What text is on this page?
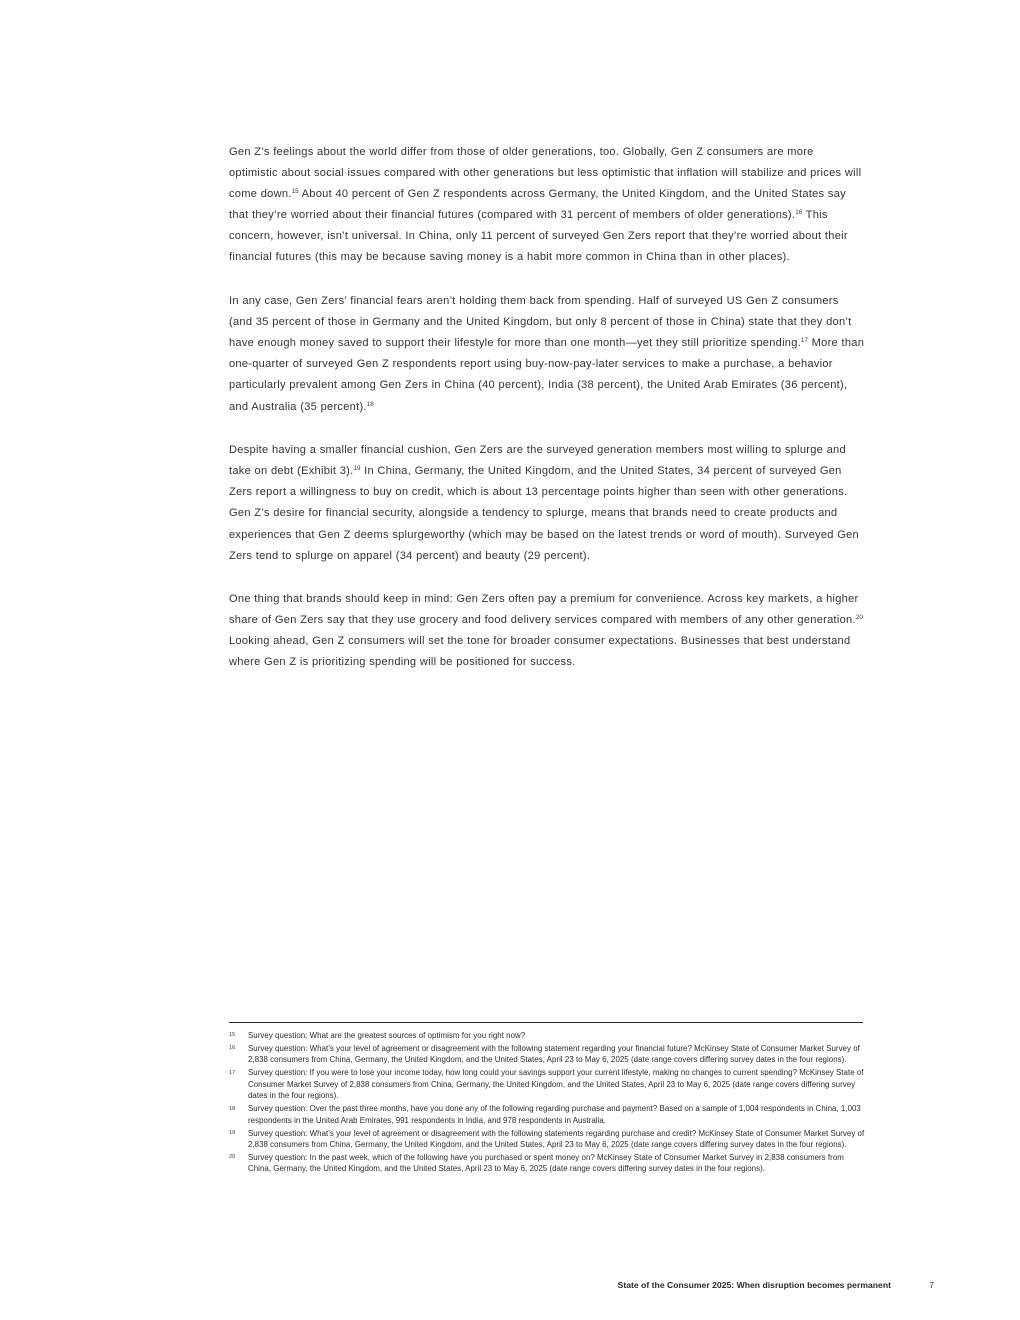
Gen Z’s feelings about the world differ from those of older generations, too. Globally, Gen Z consumers are more optimistic about social issues compared with other generations but less optimistic that inflation will stabilize and prices will come down.$^{15}$ About 40 percent of Gen Z respondents across Germany, the United Kingdom, and the United States say that they’re worried about their financial futures (compared with 31 percent of members of older generations).$^{16}$ This concern, however, isn’t universal. In China, only 11 percent of surveyed Gen Zers report that they’re worried about their financial futures (this may be because saving money is a habit more common in China than in other places).

In any case, Gen Zers’ financial fears aren’t holding them back from spending. Half of surveyed US Gen Z consumers (and 35 percent of those in Germany and the United Kingdom, but only 8 percent of those in China) state that they don’t have enough money saved to support their lifestyle for more than one month—yet they still prioritize spending.$^{17}$ More than one-quarter of surveyed Gen Z respondents report using buy-now-pay-later services to make a purchase, a behavior particularly prevalent among Gen Zers in China (40 percent), India (38 percent), the United Arab Emirates (36 percent), and Australia (35 percent).$^{18}$

Despite having a smaller financial cushion, Gen Zers are the surveyed generation members most willing to splurge and take on debt (Exhibit 3).$^{19}$ In China, Germany, the United Kingdom, and the United States, 34 percent of surveyed Gen Zers report a willingness to buy on credit, which is about 13 percentage points higher than seen with other generations. Gen Z’s desire for financial security, alongside a tendency to splurge, means that brands need to create products and experiences that Gen Z deems splurgeworthy (which may be based on the latest trends or word of mouth). Surveyed Gen Zers tend to splurge on apparel (34 percent) and beauty (29 percent).

One thing that brands should keep in mind: Gen Zers often pay a premium for convenience. Across key markets, a higher share of Gen Zers say that they use grocery and food delivery services compared with members of any other generation.$^{20}$ Looking ahead, Gen Z consumers will set the tone for broader consumer expectations. Businesses that best understand where Gen Z is prioritizing spending will be positioned for success.

15	Survey question: What are the greatest sources of optimism for you right now?
16	Survey question: What’s your level of agreement or disagreement with the following statement regarding your financial future? McKinsey State of Consumer Market Survey of 2,838 consumers from China, Germany, the United Kingdom, and the United States, April 23 to May 6, 2025 (date range covers differing survey dates in the four regions).
17	Survey question: If you were to lose your income today, how long could your savings support your current lifestyle, making no changes to current spending? McKinsey State of Consumer Market Survey of 2,838 consumers from China, Germany, the United Kingdom, and the United States, April 23 to May 6, 2025 (date range covers differing survey dates in the four regions).
18	Survey question: Over the past three months, have you done any of the following regarding purchase and payment? Based on a sample of 1,004 respondents in China, 1,003 respondents in the United Arab Emirates, 991 respondents in India, and 978 respondents in Australia.
19	Survey question: What’s your level of agreement or disagreement with the following statements regarding purchase and credit? McKinsey State of Consumer Market Survey of 2,838 consumers from China, Germany, the United Kingdom, and the United States, April 23 to May 6, 2025 (date range covers differing survey dates in the four regions).
20	Survey question: In the past week, which of the following have you purchased or spent money on? McKinsey State of Consumer Market Survey in 2,838 consumers from China, Germany, the United Kingdom, and the United States, April 23 to May 6, 2025 (date range covers differing survey dates in the four regions).
State of the Consumer 2025: When disruption becomes permanent	7
